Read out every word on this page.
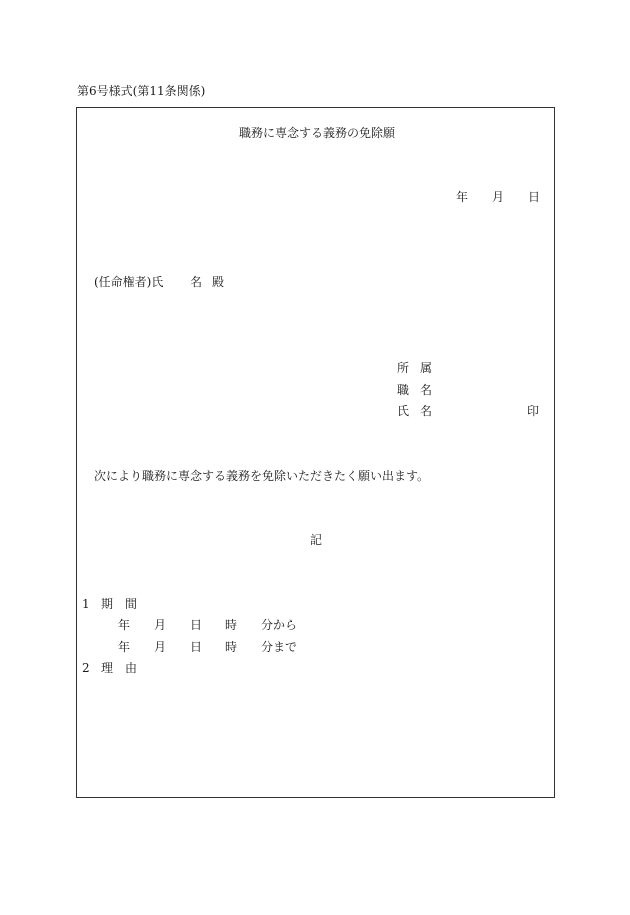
第6号様式(第11条関係)
職務に専念する義務の免除願
年 月 日
(任命権者)氏 名 殿
所 属
職 名
氏 名	印
次により職務に専念する義務を免除いただきたく願い出ます。
記
1 期 間
年 月 日 時 分から
年 月 日 時 分まで
2 理 由
